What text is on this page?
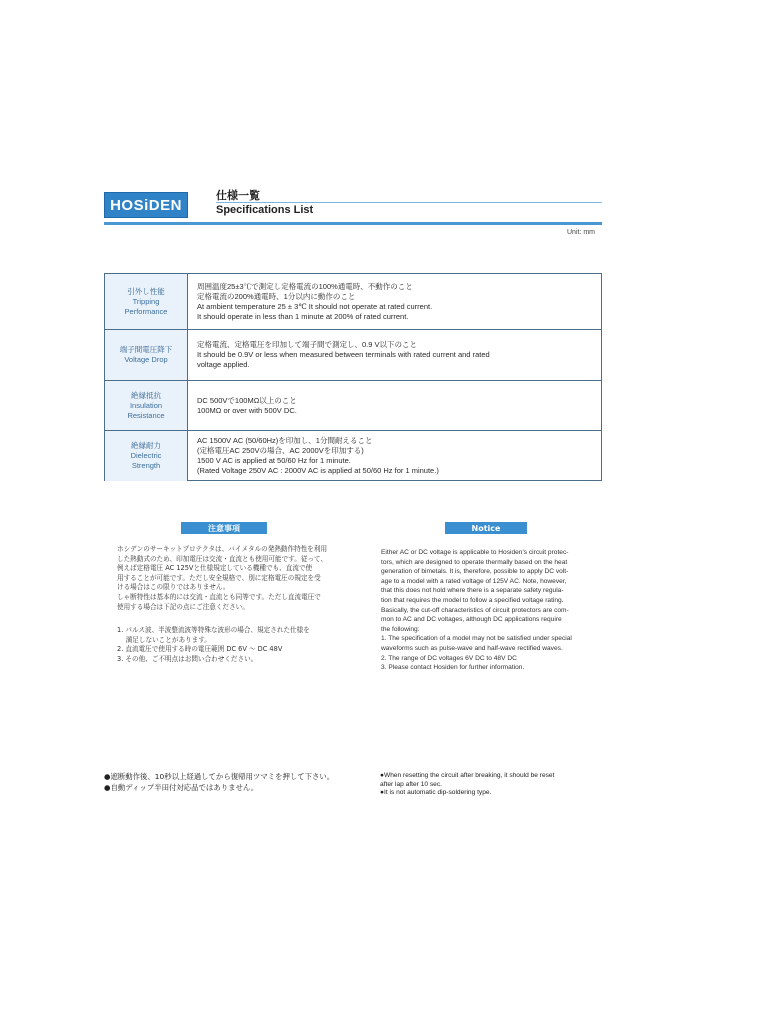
HOSiDEN
仕様一覧
Specifications List
Unit: mm
引外し性能
Tripping
Performance
周囲温度25±3℃で測定し定格電流の100%通電時、不動作のこと
定格電流の200%通電時、1分以内に動作のこと
At ambient temperature 25 ± 3℃ It should not operate at rated current.
It should operate in less than 1 minute at 200% of rated current.
端子間電圧降下
Voltage Drop
定格電流、定格電圧を印加して端子間で測定し、0.9 V以下のこと
It should be 0.9V or less when measured between terminals with rated current and rated
voltage applied.
絶縁抵抗
Insulation
Resistance
DC 500Vで100MΩ以上のこと
100MΩ or over with 500V DC.
絶縁耐力
Dielectric
Strength
AC 1500V AC (50/60Hz)を印加し、1分間耐えること
(定格電圧AC 250Vの場合、AC 2000Vを印加する)
1500 V AC is applied at 50/60 Hz for 1 minute.
(Rated Voltage 250V AC : 2000V AC is applied at 50/60 Hz for 1 minute.)
注意事項

ホシデンのサーキットプロテクタは、バイメタルの発熱動作特性を利用

した熱動式のため、印加電圧は交流・直流とも使用可能です。従って、

例えば定格電圧 AC 125Vと仕様規定している機種でも、直流で使

用することが可能です。ただし安全規格で、別に定格電圧の規定を受

ける場合はこの限りではありません。

しゃ断特性は基本的には交流・直流とも同等です。ただし直流電圧で

使用する場合は下記の点にご注意ください。

1. パルス波、半波整流波等特殊な波形の場合、規定された仕様を

　 満足しないことがあります。

2. 直流電圧で使用する時の電圧範囲 DC 6V 〜 DC 48V

3. その他、ご不明点はお問い合わせください。

Notice

Either AC or DC voltage is applicable to Hosiden's circuit protec-

tors, which are designed to operate thermally based on the heat

generation of bimetals. It is, therefore, possible to apply DC volt-

age to a model with a rated voltage of 125V AC. Note, however,

that this does not hold where there is a separate safety regula-

tion that requires the model to follow a specified voltage rating.

Basically, the cut-off characteristics of circuit protectors are com-

mon to AC and DC voltages, although DC applications require

the following:

1. The specification of a model may not be satisfied under special

waveforms such as pulse-wave and half-wave rectified waves.

2. The range of DC voltages 6V DC to 48V DC

3. Please contact Hosiden for further information.

●遮断動作後、10秒以上経過してから復帰用ツマミを押して下さい。

●自動ディップ半田付対応品ではありません。

●When resetting the circuit after breaking, it should be reset

after lap after 10 sec.

●It is not automatic dip-soldering type.
